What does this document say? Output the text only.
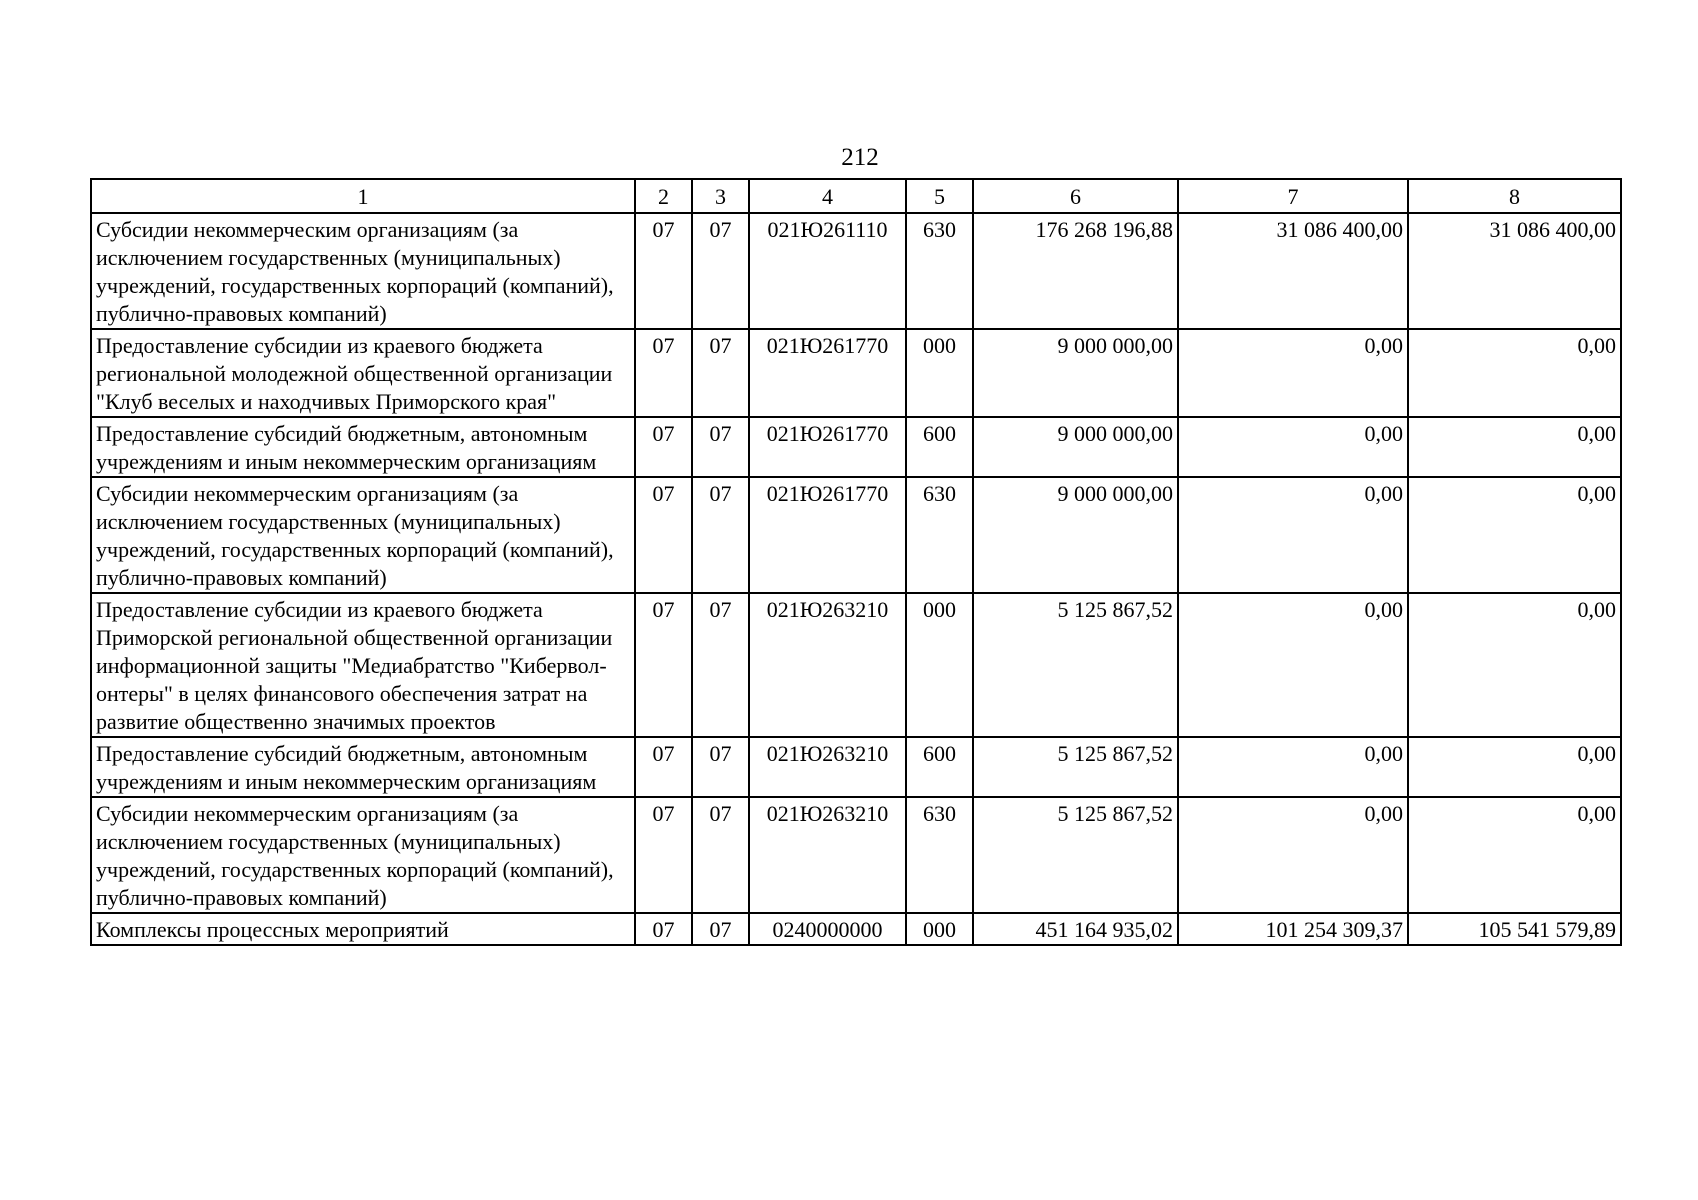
212
1	2	3	4	5	6	7	8
Субсидии некоммерческим организациям (за исключением государственных (муниципальных) учреждений, государственных корпораций (компаний), публично-правовых компаний)	07	07	021Ю261110	630	176 268 196,88	31 086 400,00	31 086 400,00
Предоставление субсидии из краевого бюджета региональной молодежной общественной организации "Клуб веселых и находчивых Приморского края"	07	07	021Ю261770	000	9 000 000,00	0,00	0,00
Предоставление субсидий бюджетным, автономным учреждениям и иным некоммерческим организациям	07	07	021Ю261770	600	9 000 000,00	0,00	0,00
Субсидии некоммерческим организациям (за исключением государственных (муниципальных) учреждений, государственных корпораций (компаний), публично-правовых компаний)	07	07	021Ю261770	630	9 000 000,00	0,00	0,00
Предоставление субсидии из краевого бюджета Приморской региональной общественной организации информационной защиты "Медиабратство "Киберволонтеры" в целях финансового обеспечения затрат на развитие общественно значимых проектов	07	07	021Ю263210	000	5 125 867,52	0,00	0,00
Предоставление субсидий бюджетным, автономным учреждениям и иным некоммерческим организациям	07	07	021Ю263210	600	5 125 867,52	0,00	0,00
Субсидии некоммерческим организациям (за исключением государственных (муниципальных) учреждений, государственных корпораций (компаний), публично-правовых компаний)	07	07	021Ю263210	630	5 125 867,52	0,00	0,00
Комплексы процессных мероприятий	07	07	0240000000	000	451 164 935,02	101 254 309,37	105 541 579,89
